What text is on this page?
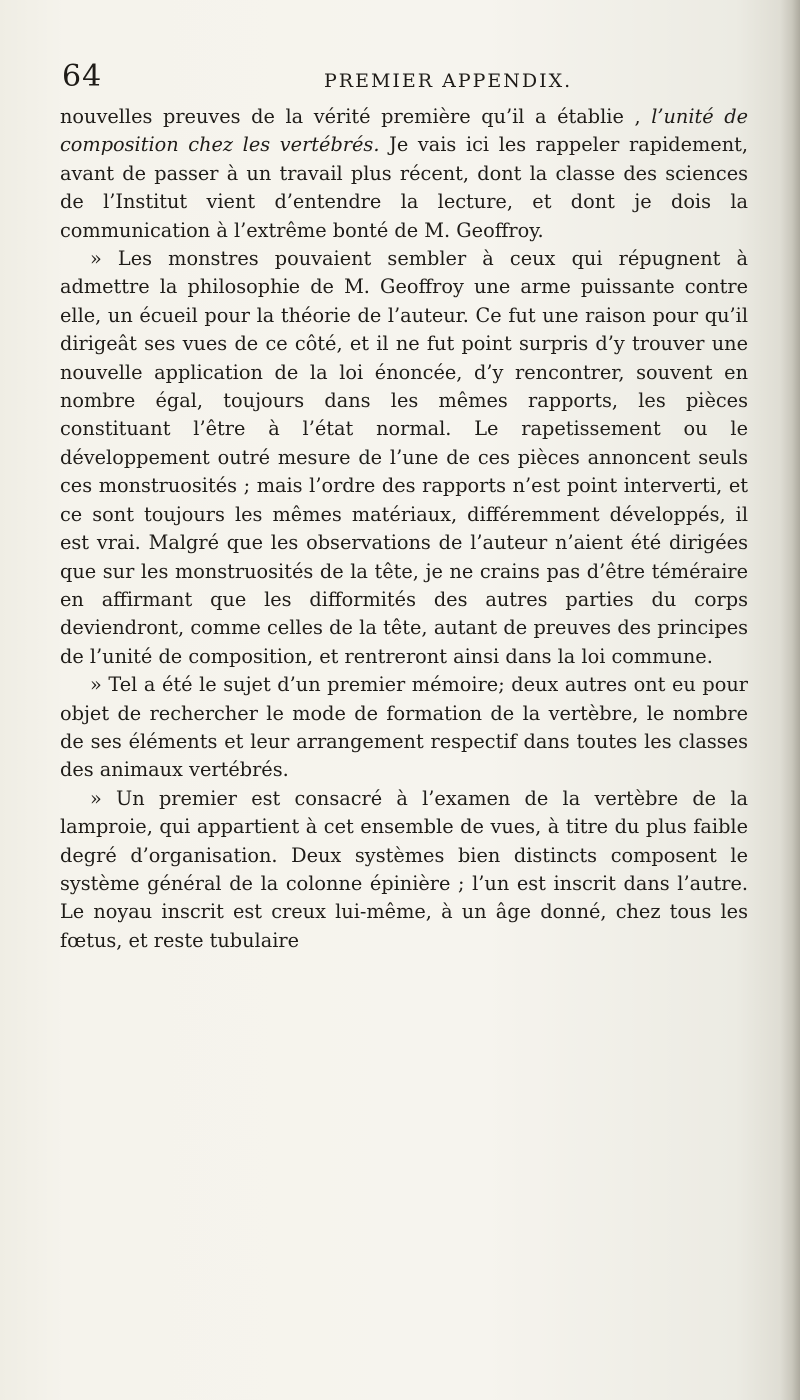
64	PREMIER APPENDIX.

nouvelles preuves de la vérité première qu’il a établie , l’unité de composition chez les vertébrés. Je vais ici les rappeler rapidement, avant de passer à un travail plus récent, dont la classe des sciences de l’Institut vient d’entendre la lecture, et dont je dois la communication à l’extrême bonté de M. Geoffroy.

» Les monstres pouvaient sembler à ceux qui répugnent à admettre la philosophie de M. Geoffroy une arme puissante contre elle, un écueil pour la théorie de l’auteur. Ce fut une raison pour qu’il dirigeât ses vues de ce côté, et il ne fut point surpris d’y trouver une nouvelle application de la loi énoncée, d’y rencontrer, souvent en nombre égal, toujours dans les mêmes rapports, les pièces constituant l’être à l’état normal. Le rapetissement ou le développement outré mesure de l’une de ces pièces annoncent seuls ces monstruosités ; mais l’ordre des rapports n’est point interverti, et ce sont toujours les mêmes matériaux, différemment développés, il est vrai. Malgré que les observations de l’auteur n’aient été dirigées que sur les monstruosités de la tête, je ne crains pas d’être téméraire en affirmant que les difformités des autres parties du corps deviendront, comme celles de la tête, autant de preuves des principes de l’unité de composition, et rentreront ainsi dans la loi commune.

» Tel a été le sujet d’un premier mémoire; deux autres ont eu pour objet de rechercher le mode de formation de la vertèbre, le nombre de ses éléments et leur arrangement respectif dans toutes les classes des animaux vertébrés.

» Un premier est consacré à l’examen de la vertèbre de la lamproie, qui appartient à cet ensemble de vues, à titre du plus faible degré d’organisation. Deux systèmes bien distincts composent le système général de la colonne épinière ; l’un est inscrit dans l’autre. Le noyau inscrit est creux lui-même, à un âge donné, chez tous les fœtus, et reste tubulaire
